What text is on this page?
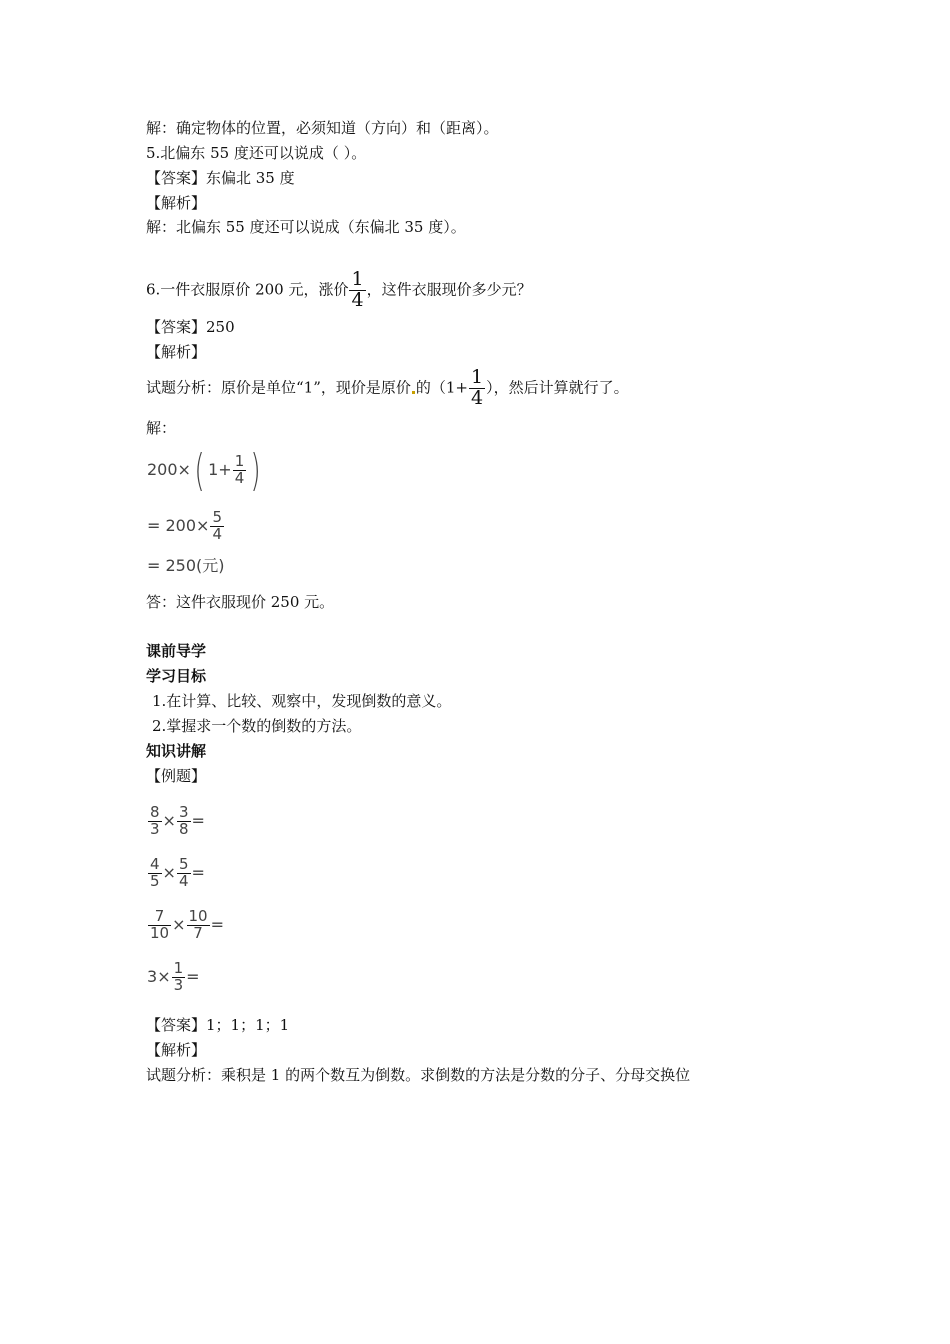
解：确定物体的位置，必须知道（方向）和（距离）。
5.北偏东 55 度还可以说成（ ）。
【答案】东偏北 35 度
【解析】
解：北偏东 55 度还可以说成（东偏北 35 度）。
6.一件衣服原价 200 元，涨价 $\frac{1}{4}$ ，这件衣服现价多少元？
【答案】250
【解析】
试题分析：原价是单位“1”，现价是原价 的（$1+ \frac{1}{4}$ ），然后计算就行了。
解：
200×( $1+ \frac{1}{4}$ )
= $200\times \frac{5}{4}$
= 250(元)
答：这件衣服现价 250 元。
课前导学
学习目标
1.在计算、比较、观察中，发现倒数的意义。
2.掌握求一个数的倒数的方法。
知识讲解
【例题】
$\frac{8}{3} \times \frac{3}{8}$ =
$\frac{4}{5} \times \frac{5}{4}$ =
$\frac{7}{10} \times \frac{10}{7}$ =
$3\times \frac{1}{3}$ =
【答案】1；1；1；1
【解析】
试题分析：乘积是 1 的两个数互为倒数。求倒数的方法是分数的分子、分母交换位
